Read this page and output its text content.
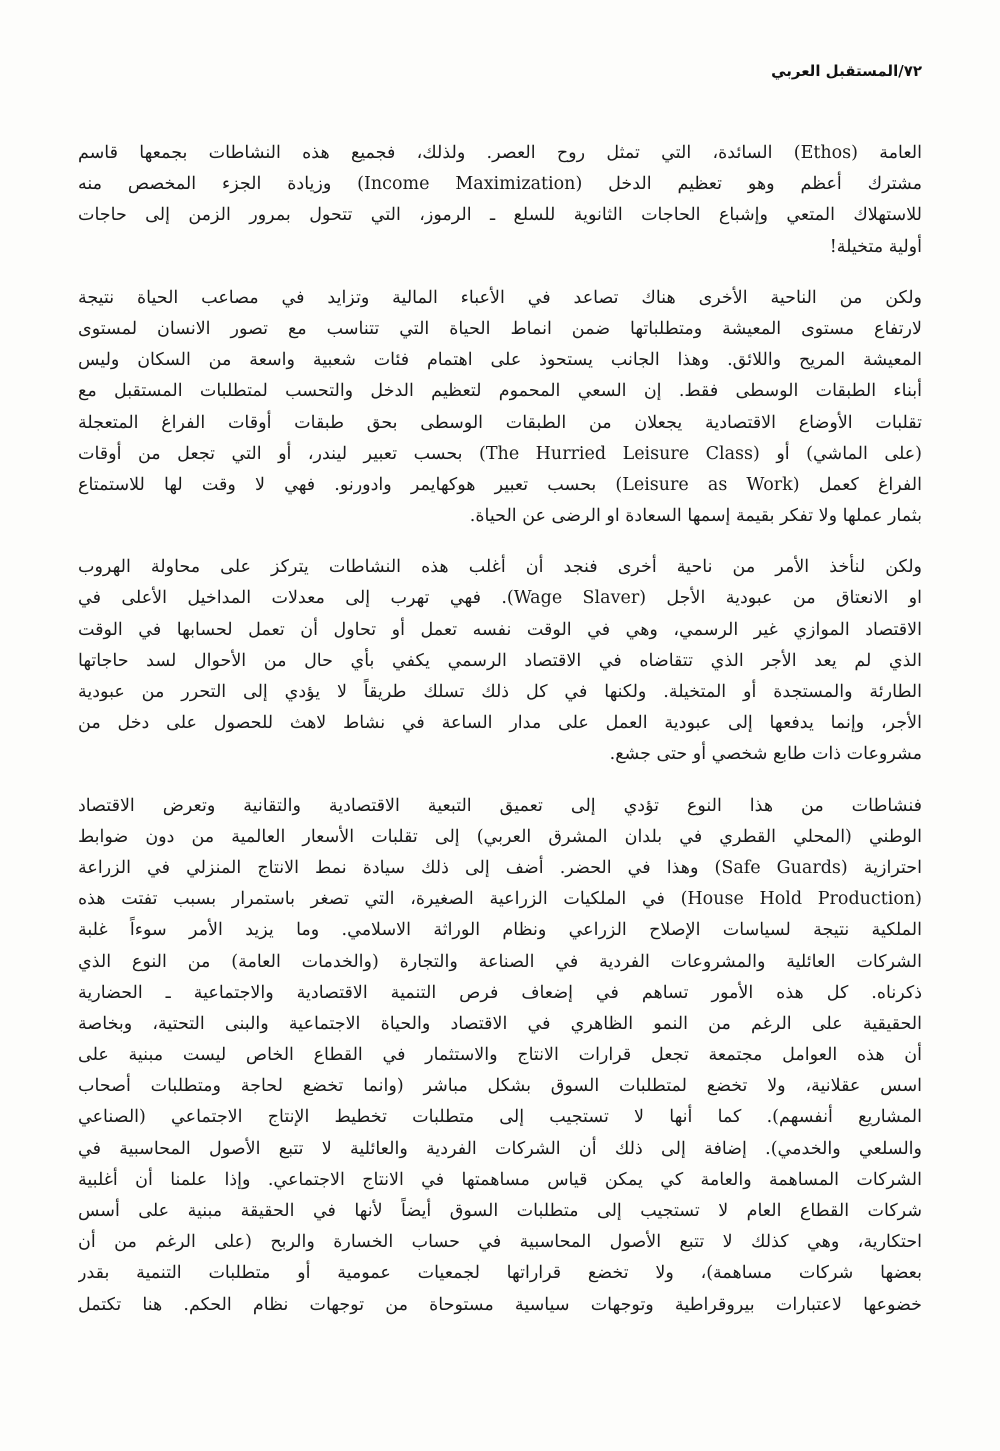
٧٢/المستقبل العربي
العامة (Ethos) السائدة، التي تمثل روح العصر. ولذلك، فجميع هذه النشاطات بجمعها قاسم
مشترك أعظم وهو تعظيم الدخل (Income Maximization) وزيادة الجزء المخصص منه
للاستهلاك المتعي وإشباع الحاجات الثانوية للسلع ـ الرموز، التي تتحول بمرور الزمن إلى حاجات
أولية متخيلة!
ولكن من الناحية الأخرى هناك تصاعد في الأعباء المالية وتزايد في مصاعب الحياة نتيجة
لارتفاع مستوى المعيشة ومتطلباتها ضمن انماط الحياة التي تتناسب مع تصور الانسان لمستوى
المعيشة المريح واللائق. وهذا الجانب يستحوذ على اهتمام فئات شعبية واسعة من السكان وليس
أبناء الطبقات الوسطى فقط. إن السعي المحموم لتعظيم الدخل والتحسب لمتطلبات المستقبل مع
تقلبات الأوضاع الاقتصادية يجعلان من الطبقات الوسطى بحق طبقات أوقات الفراغ المتعجلة
(على الماشي) أو (The Hurried Leisure Class) بحسب تعبير ليندر، أو التي تجعل من أوقات
الفراغ كعمل (Leisure as Work) بحسب تعبير هوكهايمر وادورنو. فهي لا وقت لها للاستمتاع
بثمار عملها ولا تفكر بقيمة إسمها السعادة او الرضى عن الحياة.
ولكن لنأخذ الأمر من ناحية أخرى فنجد أن أغلب هذه النشاطات يتركز على محاولة الهروب
او الانعتاق من عبودية الأجل (Wage Slaver). فهي تهرب إلى معدلات المداخيل الأعلى في
الاقتصاد الموازي غير الرسمي، وهي في الوقت نفسه تعمل أو تحاول أن تعمل لحسابها في الوقت
الذي لم يعد الأجر الذي تتقاضاه في الاقتصاد الرسمي يكفي بأي حال من الأحوال لسد حاجاتها
الطارئة والمستجدة أو المتخيلة. ولكنها في كل ذلك تسلك طريقاً لا يؤدي إلى التحرر من عبودية
الأجر، وإنما يدفعها إلى عبودية العمل على مدار الساعة في نشاط لاهث للحصول على دخل من
مشروعات ذات طابع شخصي أو حتى جشع.
فنشاطات من هذا النوع تؤدي إلى تعميق التبعية الاقتصادية والتقانية وتعرض الاقتصاد
الوطني (المحلي القطري في بلدان المشرق العربي) إلى تقلبات الأسعار العالمية من دون ضوابط
احترازية (Safe Guards) وهذا في الحضر. أضف إلى ذلك سيادة نمط الانتاج المنزلي في الزراعة
(House Hold Production) في الملكيات الزراعية الصغيرة، التي تصغر باستمرار بسبب تفتت هذه
الملكية نتيجة لسياسات الإصلاح الزراعي ونظام الوراثة الاسلامي. وما يزيد الأمر سوءاً غلبة
الشركات العائلية والمشروعات الفردية في الصناعة والتجارة (والخدمات العامة) من النوع الذي
ذكرناه. كل هذه الأمور تساهم في إضعاف فرص التنمية الاقتصادية والاجتماعية ـ الحضارية
الحقيقية على الرغم من النمو الظاهري في الاقتصاد والحياة الاجتماعية والبنى التحتية، وبخاصة
أن هذه العوامل مجتمعة تجعل قرارات الانتاج والاستثمار في القطاع الخاص ليست مبنية على
اسس عقلانية، ولا تخضع لمتطلبات السوق بشكل مباشر (وانما تخضع لحاجة ومتطلبات أصحاب
المشاريع أنفسهم). كما أنها لا تستجيب إلى متطلبات تخطيط الإنتاج الاجتماعي (الصناعي
والسلعي والخدمي). إضافة إلى ذلك أن الشركات الفردية والعائلية لا تتبع الأصول المحاسبية في
الشركات المساهمة والعامة كي يمكن قياس مساهمتها في الانتاج الاجتماعي. وإذا علمنا أن أغلبية
شركات القطاع العام لا تستجيب إلى متطلبات السوق أيضاً لأنها في الحقيقة مبنية على أسس
احتكارية، وهي كذلك لا تتبع الأصول المحاسبية في حساب الخسارة والربح (على الرغم من أن
بعضها شركات مساهمة)، ولا تخضع قراراتها لجمعيات عمومية أو متطلبات التنمية بقدر
خضوعها لاعتبارات بيروقراطية وتوجهات سياسية مستوحاة من توجهات نظام الحكم. هنا تكتمل
